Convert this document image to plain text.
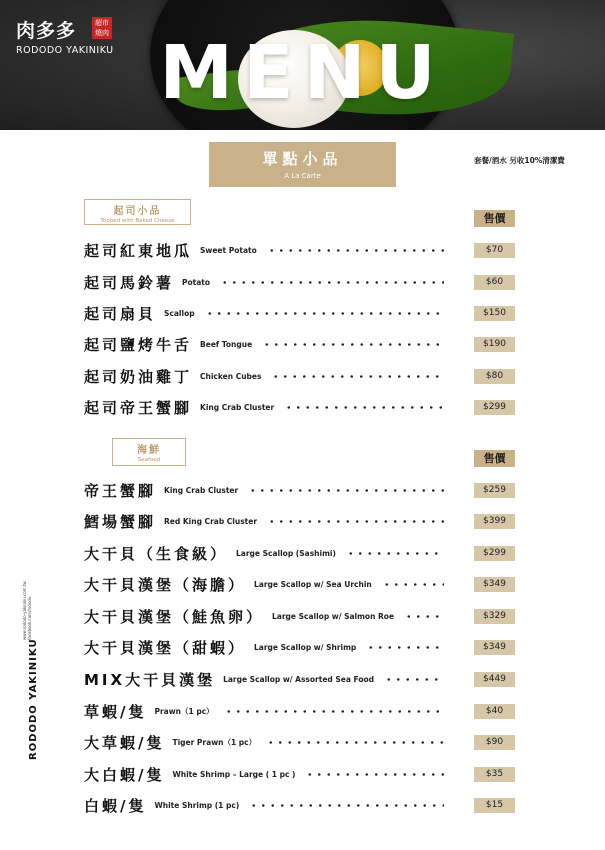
MENU
肉多多	超市燒肉
RODODO YAKINIKU
單點小品
A La Carte
套餐/酒水 另收10%清潔費
起司小品
Topped with Baked Cheese	售價
起司紅東地瓜 Sweet Potato	$70
起司馬鈴薯 Potato	$60
起司扇貝 Scallop	$150
起司鹽烤牛舌 Beef Tongue	$190
起司奶油雞丁 Chicken Cubes	$80
起司帝王蟹腳 King Crab Cluster	$299
海鮮
Seafood	售價
帝王蟹腳 King Crab Cluster	$259
鱈場蟹腳 Red King Crab Cluster	$399
大干貝（生食級） Large Scallop (Sashimi)	$299
大干貝漢堡（海膽） Large Scallop w/ Sea Urchin	$349
大干貝漢堡（鮭魚卵） Large Scallop w/ Salmon Roe	$329
大干貝漢堡（甜蝦） Large Scallop w/ Shrimp	$349
MIX大干貝漢堡 Large Scallop w/ Assorted Sea Food	$449
草蝦/隻 Prawn（1 pc）	$40
大草蝦/隻 Tiger Prawn（1 pc）	$90
大白蝦/隻 White Shrimp – Large ( 1 pc )	$35
白蝦/隻 White Shrimp (1 pc)	$15
RODODO YAKINIKU
www.rododo-yakiniku.com.tw facebook.com/rododo
